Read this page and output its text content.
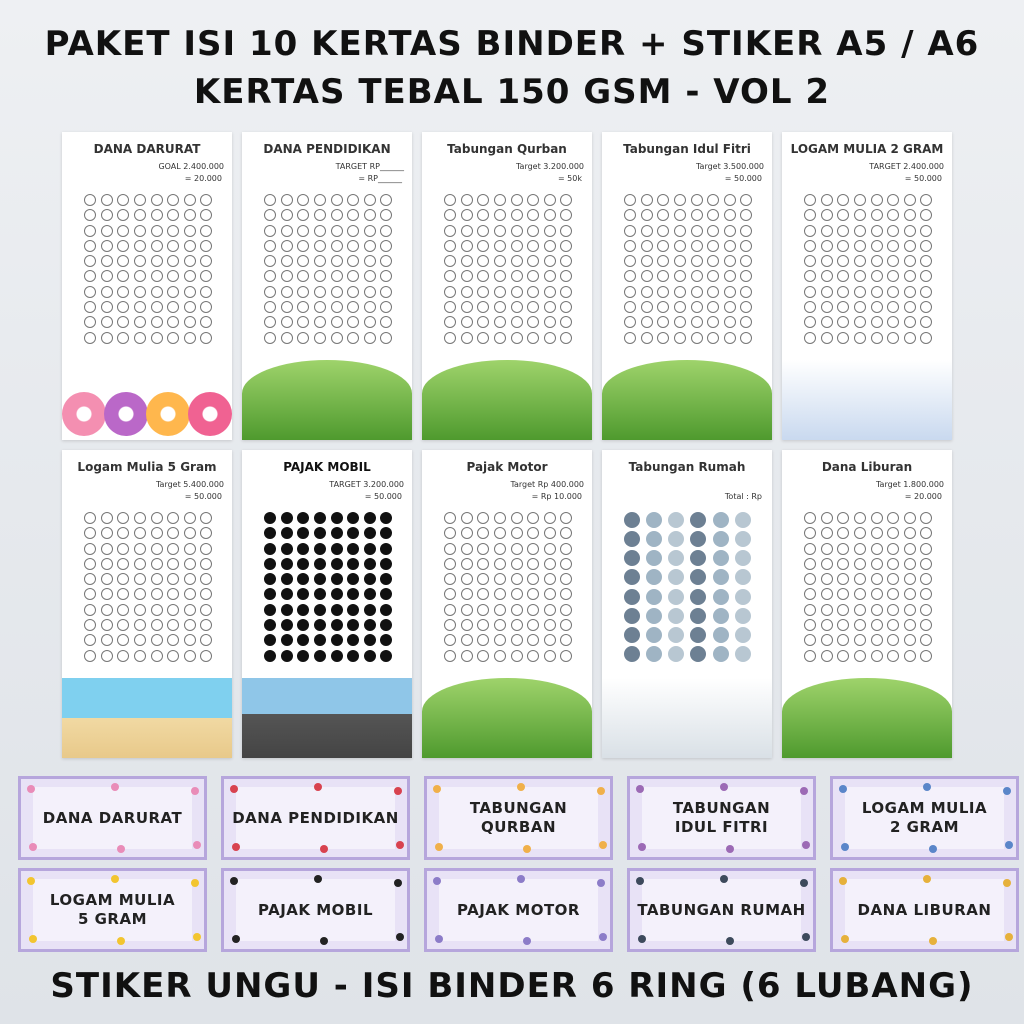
PAKET ISI 10 KERTAS BINDER + STIKER A5 / A6
KERTAS TEBAL 150 GSM - VOL 2
DANA DARURAT
GOAL 2.400.000
= 20.000
DANA PENDIDIKAN
TARGET RP______
= RP______
Tabungan Qurban
Target 3.200.000
= 50k
Tabungan Idul Fitri
Target 3.500.000
= 50.000
LOGAM MULIA 2 GRAM
TARGET 2.400.000
= 50.000
Logam Mulia 5 Gram
Target 5.400.000
= 50.000
PAJAK MOBIL
TARGET 3.200.000
= 50.000
Pajak Motor
Target Rp 400.000
= Rp 10.000
Tabungan Rumah
Total : Rp
Dana Liburan
Target 1.800.000
= 20.000
DANA DARURAT	DANA PENDIDIKAN
TABUNGAN
QURBAN
TABUNGAN
IDUL FITRI
LOGAM MULIA
2 GRAM
LOGAM MULIA
5 GRAM
PAJAK MOBIL	PAJAK MOTOR	TABUNGAN RUMAH	DANA LIBURAN
STIKER UNGU - ISI BINDER 6 RING (6 LUBANG)
